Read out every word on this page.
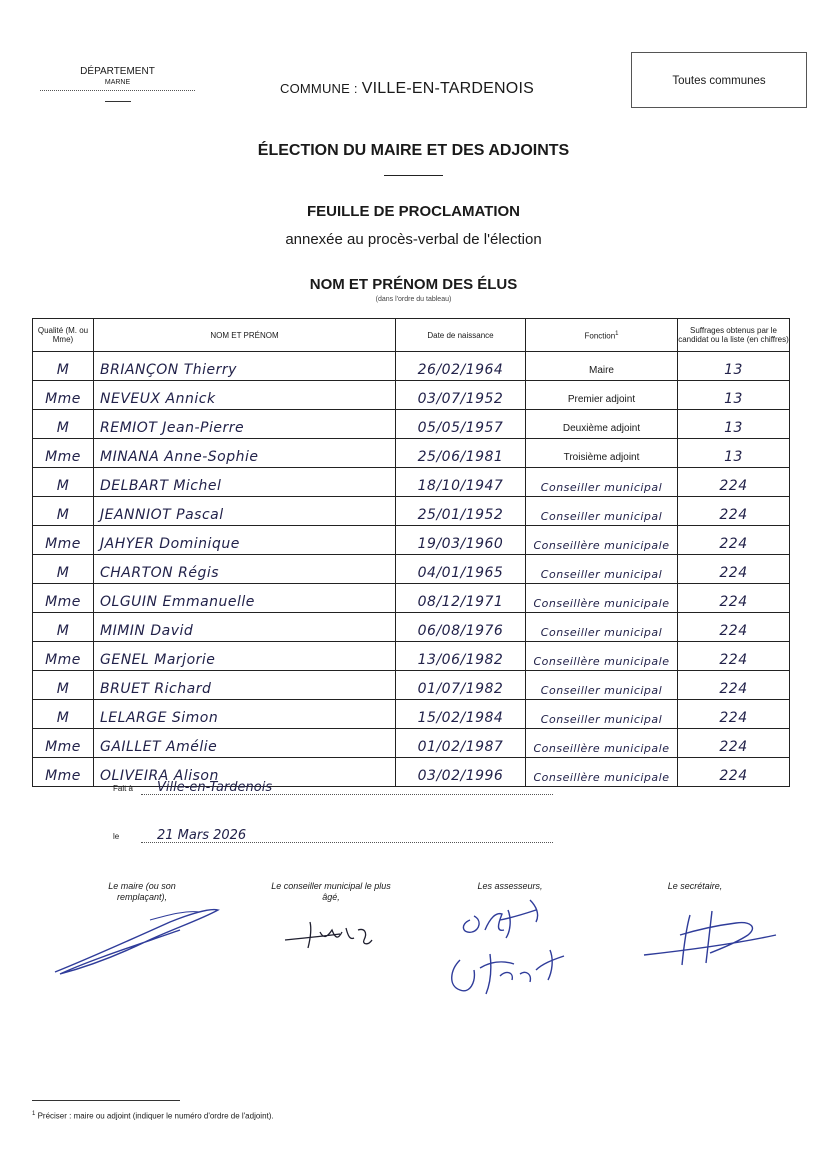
DÉPARTEMENT
MARNE	COMMUNE : VILLE-EN-TARDENOIS	Toutes communes
ÉLECTION DU MAIRE ET DES ADJOINTS
FEUILLE DE PROCLAMATION
annexée au procès-verbal de l'élection
NOM ET PRÉNOM DES ÉLUS
(dans l'ordre du tableau)
Qualité (M. ou Mme)	NOM ET PRÉNOM	Date de naissance	Fonction$^1$	Suffrages obtenus par le candidat ou la liste (en chiffres)

M	BRIANÇON Thierry	26/02/1964	Maire	13

Mme	NEVEUX Annick	03/07/1952	Premier adjoint	13

M	REMIOT Jean-Pierre	05/05/1957	Deuxième adjoint	13

Mme	MINANA Anne-Sophie	25/06/1981	Troisième adjoint	13

M	DELBART Michel	18/10/1947	Conseiller municipal	224

M	JEANNIOT Pascal	25/01/1952	Conseiller municipal	224

Mme	JAHYER Dominique	19/03/1960	Conseillère municipale	224

M	CHARTON Régis	04/01/1965	Conseiller municipal	224

Mme	OLGUIN Emmanuelle	08/12/1971	Conseillère municipale	224

M	MIMIN David	06/08/1976	Conseiller municipal	224

Mme	GENEL Marjorie	13/06/1982	Conseillère municipale	224

M	BRUET Richard	01/07/1982	Conseiller municipal	224

M	LELARGE Simon	15/02/1984	Conseiller municipal	224

Mme	GAILLET Amélie	01/02/1987	Conseillère municipale	224

Mme	OLIVEIRA Alison	03/02/1996	Conseillère municipale	224
Fait à Ville-en-Tardenois
le	21 Mars 2026
Le maire (ou son remplaçant),
Le conseiller municipal le plus âgé,
Les assesseurs,	Le secrétaire,
$^1$ Préciser : maire ou adjoint (indiquer le numéro d'ordre de l'adjoint).
